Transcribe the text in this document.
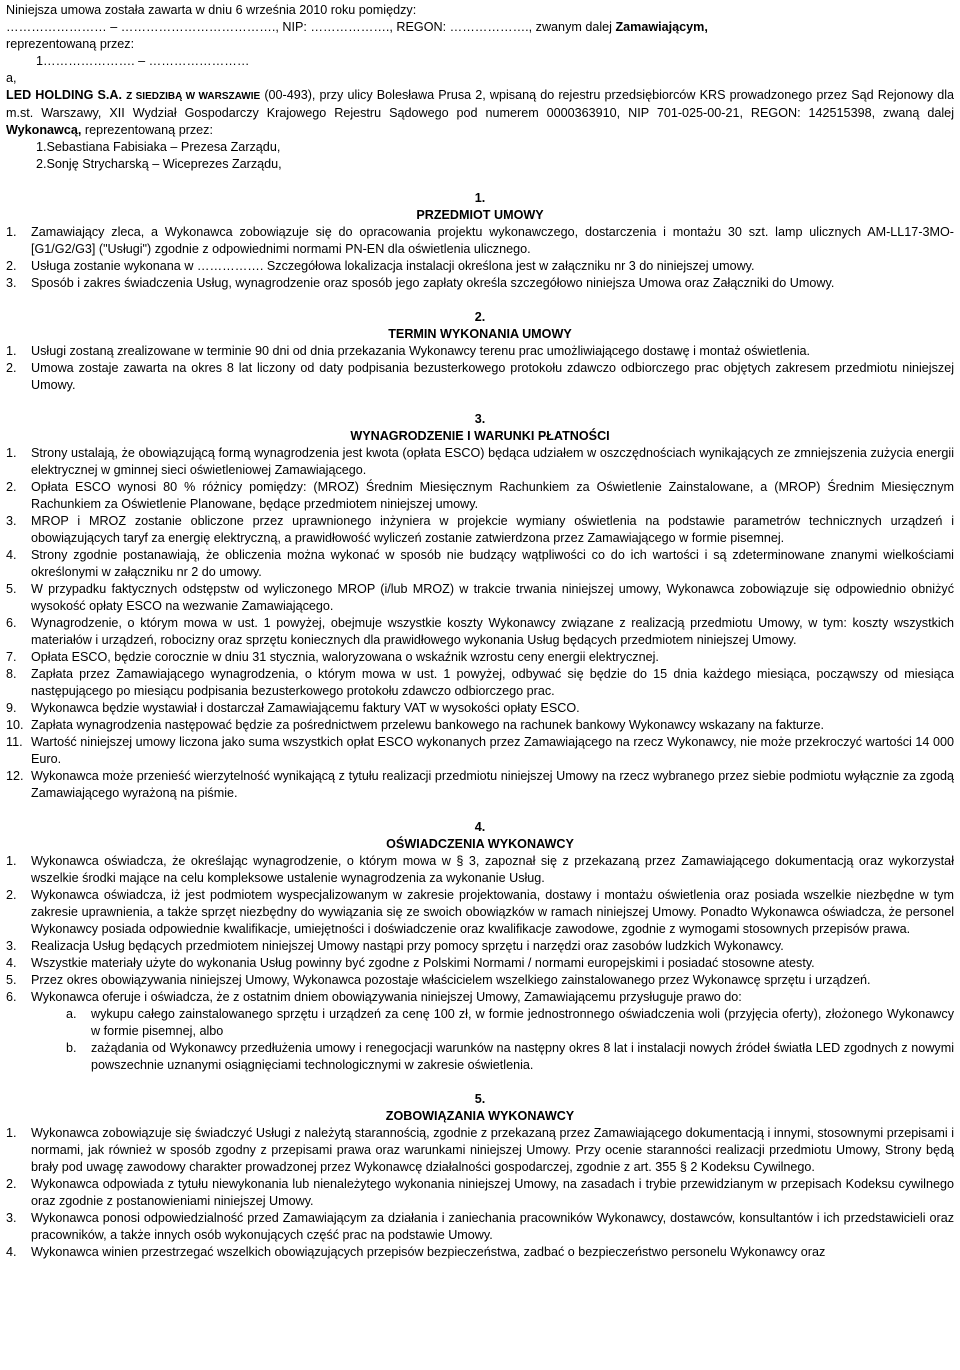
Niniejsza umowa została zawarta w dniu 6 września 2010 roku pomiędzy:

…………………… – ………………………………., NIP: ………………., REGON: ………………., zwanym dalej Zamawiającym,

reprezentowaną przez:

1…………………. – ……………………

a,

LED HOLDING S.A. Z SIEDZIBĄ W WARSZAWIE (00-493), przy ulicy Bolesława Prusa 2, wpisaną do rejestru przedsiębiorców KRS prowadzonego przez Sąd Rejonowy dla m.st. Warszawy, XII Wydział Gospodarczy Krajowego Rejestru Sądowego pod numerem 0000363910, NIP 701-025-00-21, REGON: 142515398, zwaną dalej Wykonawcą, reprezentowaną przez:

1.Sebastiana Fabisiaka – Prezesa Zarządu,

2.Sonję Strycharską – Wiceprezes Zarządu,

1.

PRZEDMIOT UMOWY

1. Zamawiający zleca, a Wykonawca zobowiązuje się do opracowania projektu wykonawczego, dostarczenia i montażu 30 szt. lamp ulicznych AM-LL17-3MO-[G1/G2/G3] ("Usługi") zgodnie z odpowiednimi normami PN-EN dla oświetlenia ulicznego.

2. Usługa zostanie wykonana w ……………. Szczegółowa lokalizacja instalacji określona jest w załączniku nr 3 do niniejszej umowy.

3. Sposób i zakres świadczenia Usług, wynagrodzenie oraz sposób jego zapłaty określa szczegółowo niniejsza Umowa oraz Załączniki do Umowy.

2.

TERMIN WYKONANIA UMOWY

1. Usługi zostaną zrealizowane w terminie 90 dni od dnia przekazania Wykonawcy terenu prac umożliwiającego dostawę i montaż oświetlenia.

2. Umowa zostaje zawarta na okres 8 lat liczony od daty podpisania bezusterkowego protokołu zdawczo odbiorczego prac objętych zakresem przedmiotu niniejszej Umowy.

3.

WYNAGRODZENIE I WARUNKI PŁATNOŚCI

1. Strony ustalają, że obowiązującą formą wynagrodzenia jest kwota (opłata ESCO) będąca udziałem w oszczędnościach wynikających ze zmniejszenia zużycia energii elektrycznej w gminnej sieci oświetleniowej Zamawiającego.

2. Opłata ESCO wynosi 80 % różnicy pomiędzy: (MROZ) Średnim Miesięcznym Rachunkiem za Oświetlenie Zainstalowane, a (MROP) Średnim Miesięcznym Rachunkiem za Oświetlenie Planowane, będące przedmiotem niniejszej umowy.

3. MROP i MROZ zostanie obliczone przez uprawnionego inżyniera w projekcie wymiany oświetlenia na podstawie parametrów technicznych urządzeń i obowiązujących taryf za energię elektryczną, a prawidłowość wyliczeń zostanie zatwierdzona przez Zamawiającego w formie pisemnej.

4. Strony zgodnie postanawiają, że obliczenia można wykonać w sposób nie budzący wątpliwości co do ich wartości i są zdeterminowane znanymi wielkościami określonymi w załączniku nr 2 do umowy.

5. W przypadku faktycznych odstępstw od wyliczonego MROP (i/lub MROZ) w trakcie trwania niniejszej umowy, Wykonawca zobowiązuje się odpowiednio obniżyć wysokość opłaty ESCO na wezwanie Zamawiającego.

6. Wynagrodzenie, o którym mowa w ust. 1 powyżej, obejmuje wszystkie koszty Wykonawcy związane z realizacją przedmiotu Umowy, w tym: koszty wszystkich materiałów i urządzeń, robocizny oraz sprzętu koniecznych dla prawidłowego wykonania Usług będących przedmiotem niniejszej Umowy.

7. Opłata ESCO, będzie corocznie w dniu 31 stycznia, waloryzowana o wskaźnik wzrostu ceny energii elektrycznej.

8. Zapłata przez Zamawiającego wynagrodzenia, o którym mowa w ust. 1 powyżej, odbywać się będzie do 15 dnia każdego miesiąca, począwszy od miesiąca następującego po miesiącu podpisania bezusterkowego protokołu zdawczo odbiorczego prac.

9. Wykonawca będzie wystawiał i dostarczał Zamawiającemu faktury VAT w wysokości opłaty ESCO.

10. Zapłata wynagrodzenia następować będzie za pośrednictwem przelewu bankowego na rachunek bankowy Wykonawcy wskazany na fakturze.

11. Wartość niniejszej umowy liczona jako suma wszystkich opłat ESCO wykonanych przez Zamawiającego na rzecz Wykonawcy, nie może przekroczyć wartości 14 000 Euro.

12. Wykonawca może przenieść wierzytelność wynikającą z tytułu realizacji przedmiotu niniejszej Umowy na rzecz wybranego przez siebie podmiotu wyłącznie za zgodą Zamawiającego wyrażoną na piśmie.

4.

OŚWIADCZENIA WYKONAWCY

1. Wykonawca oświadcza, że określając wynagrodzenie, o którym mowa w § 3, zapoznał się z przekazaną przez Zamawiającego dokumentacją oraz wykorzystał wszelkie środki mające na celu kompleksowe ustalenie wynagrodzenia za wykonanie Usług.

2. Wykonawca oświadcza, iż jest podmiotem wyspecjalizowanym w zakresie projektowania, dostawy i montażu oświetlenia oraz posiada wszelkie niezbędne w tym zakresie uprawnienia, a także sprzęt niezbędny do wywiązania się ze swoich obowiązków w ramach niniejszej Umowy. Ponadto Wykonawca oświadcza, że personel Wykonawcy posiada odpowiednie kwalifikacje, umiejętności i doświadczenie oraz kwalifikacje zawodowe, zgodnie z wymogami stosownych przepisów prawa.

3. Realizacja Usług będących przedmiotem niniejszej Umowy nastąpi przy pomocy sprzętu i narzędzi oraz zasobów ludzkich Wykonawcy.

4. Wszystkie materiały użyte do wykonania Usług powinny być zgodne z Polskimi Normami / normami europejskimi i posiadać stosowne atesty.

5. Przez okres obowiązywania niniejszej Umowy, Wykonawca pozostaje właścicielem wszelkiego zainstalowanego przez Wykonawcę sprzętu i urządzeń.

6. Wykonawca oferuje i oświadcza, że z ostatnim dniem obowiązywania niniejszej Umowy, Zamawiającemu przysługuje prawo do:

a. wykupu całego zainstalowanego sprzętu i urządzeń za cenę 100 zł, w formie jednostronnego oświadczenia woli (przyjęcia oferty), złożonego Wykonawcy w formie pisemnej, albo

b. zażądania od Wykonawcy przedłużenia umowy i renegocjacji warunków na następny okres 8 lat i instalacji nowych źródeł światła LED zgodnych z nowymi powszechnie uznanymi osiągnięciami technologicznymi w zakresie oświetlenia.

5.

ZOBOWIĄZANIA WYKONAWCY

1. Wykonawca zobowiązuje się świadczyć Usługi z należytą starannością, zgodnie z przekazaną przez Zamawiającego dokumentacją i innymi, stosownymi przepisami i normami, jak również w sposób zgodny z przepisami prawa oraz warunkami niniejszej Umowy. Przy ocenie staranności realizacji przedmiotu Umowy, Strony będą brały pod uwagę zawodowy charakter prowadzonej przez Wykonawcę działalności gospodarczej, zgodnie z art. 355 § 2 Kodeksu Cywilnego.

2. Wykonawca odpowiada z tytułu niewykonania lub nienależytego wykonania niniejszej Umowy, na zasadach i trybie przewidzianym w przepisach Kodeksu cywilnego oraz zgodnie z postanowieniami niniejszej Umowy.

3. Wykonawca ponosi odpowiedzialność przed Zamawiającym za działania i zaniechania pracowników Wykonawcy, dostawców, konsultantów i ich przedstawicieli oraz pracowników, a także innych osób wykonujących część prac na podstawie Umowy.

4. Wykonawca winien przestrzegać wszelkich obowiązujących przepisów bezpieczeństwa, zadbać o bezpieczeństwo personelu Wykonawcy oraz
